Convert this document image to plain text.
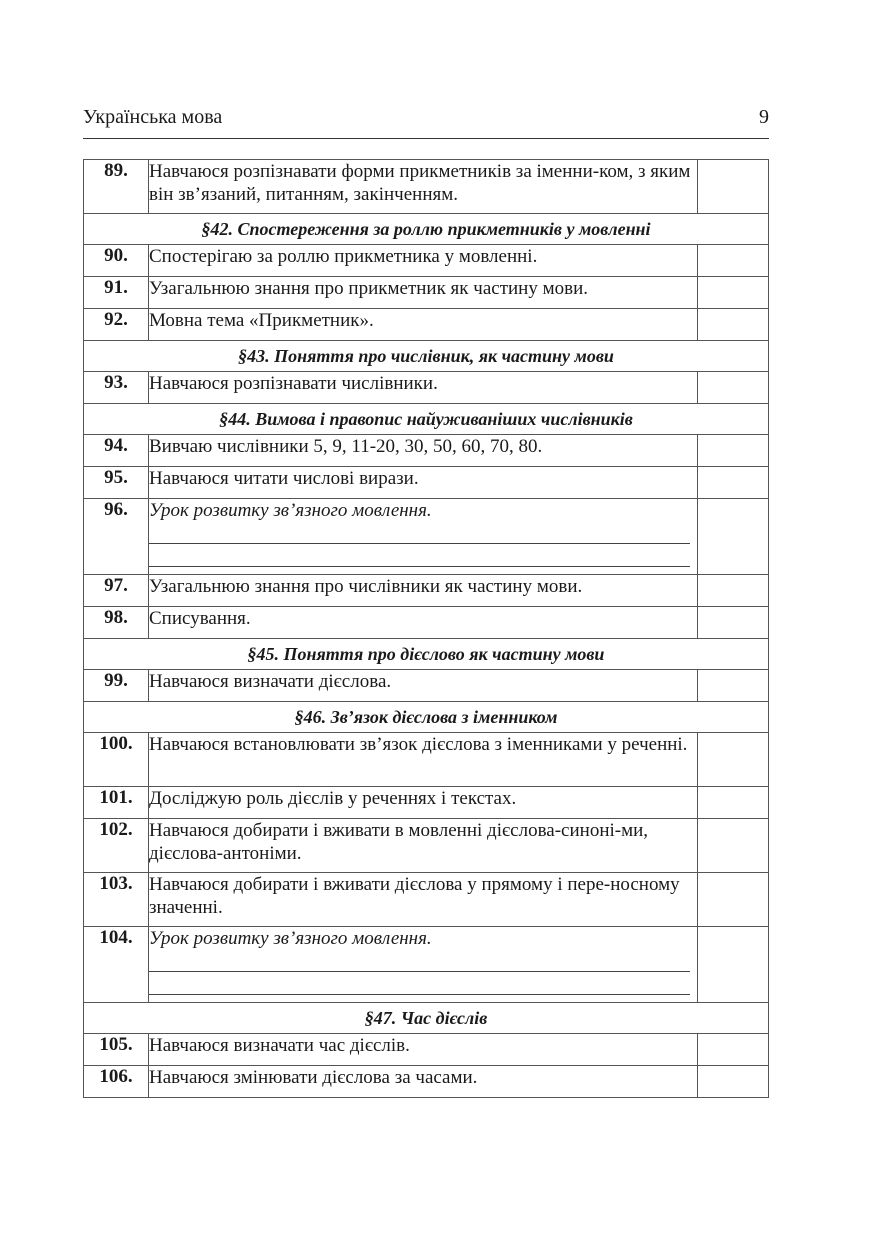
Українська мова	9
89.	Навчаюся розпізнавати форми прикметників за іменни-ком, з яким він зв’язаний, питанням, закінченням.	
§42. Спостереження за роллю прикметників у мовленні		
90.	Спостерігаю за роллю прикметника у мовленні.	
91.	Узагальнюю знання про прикметник як частину мови.	
92.	Мовна тема «Прикметник».	
§43. Поняття про числівник, як частину мови		
93.	Навчаюся розпізнавати числівники.	
§44. Вимова і правопис найуживаніших числівників		
94.	Вивчаю числівники 5, 9, 11-20, 30, 50, 60, 70, 80.	
95.	Навчаюся читати числові вирази.	
96.	Урок розвитку зв’язного мовлення.	

97.	Узагальнюю знання про числівники як частину мови.	
98.	Списування.	
§45. Поняття про дієслово як частину мови		
99.	Навчаюся визначати дієслова.	
§46. Зв’язок дієслова з іменником		
100.	Навчаюся встановлювати зв’язок дієслова з іменниками у реченні.	
101.	Досліджую роль дієслів у реченнях і текстах.	
102.	Навчаюся добирати і вживати в мовленні дієслова-синоні-ми, дієслова-антоніми.	
103.	Навчаюся добирати і вживати дієслова у прямому і пере-носному значенні.	
104.	Урок розвитку зв’язного мовлення.	

§47. Час дієслів		
105.	Навчаюся визначати час дієслів.	
106.	Навчаюся змінювати дієслова за часами.	
